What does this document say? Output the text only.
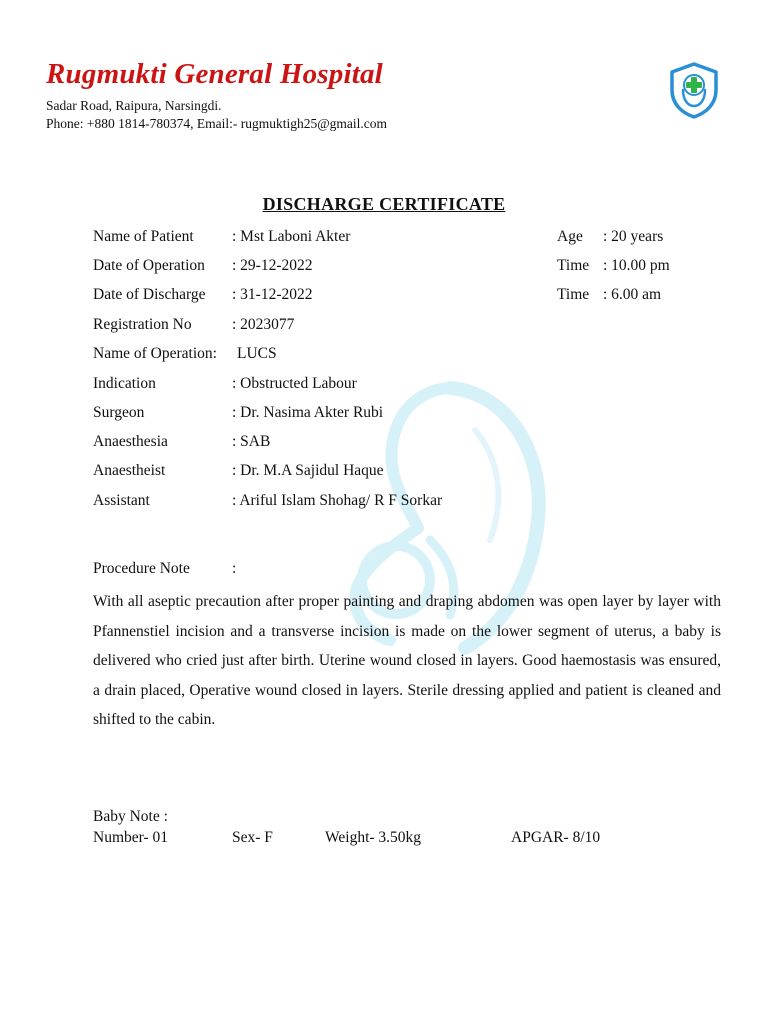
Rugmukti General Hospital
Sadar Road, Raipura, Narsingdi.
Phone: +880 1814-780374, Email:- rugmuktigh25@gmail.com
DISCHARGE CERTIFICATE
Name of Patient : Mst Laboni Akter	Age : 20 years
Date of Operation : 29-12-2022	Time : 10.00 pm
Date of Discharge : 31-12-2022	Time : 6.00 am
Registration No	: 2023077
Name of Operation: LUCS
Indication	: Obstructed Labour
Surgeon	: Dr. Nasima Akter Rubi
Anaesthesia	: SAB
Anaestheist	: Dr. M.A Sajidul Haque
Assistant	: Ariful Islam Shohag/ R F Sorkar
Procedure Note	:

With all aseptic precaution after proper painting and draping abdomen was open layer by layer with Pfannenstiel incision and a transverse incision is made on the lower segment of uterus, a baby is delivered who cried just after birth. Uterine wound closed in layers. Good haemostasis was ensured, a drain placed, Operative wound closed in layers. Sterile dressing applied and patient is cleaned and shifted to the cabin.

Baby Note :
Number- 01	Sex- F	Weight- 3.50kg	APGAR- 8/10
